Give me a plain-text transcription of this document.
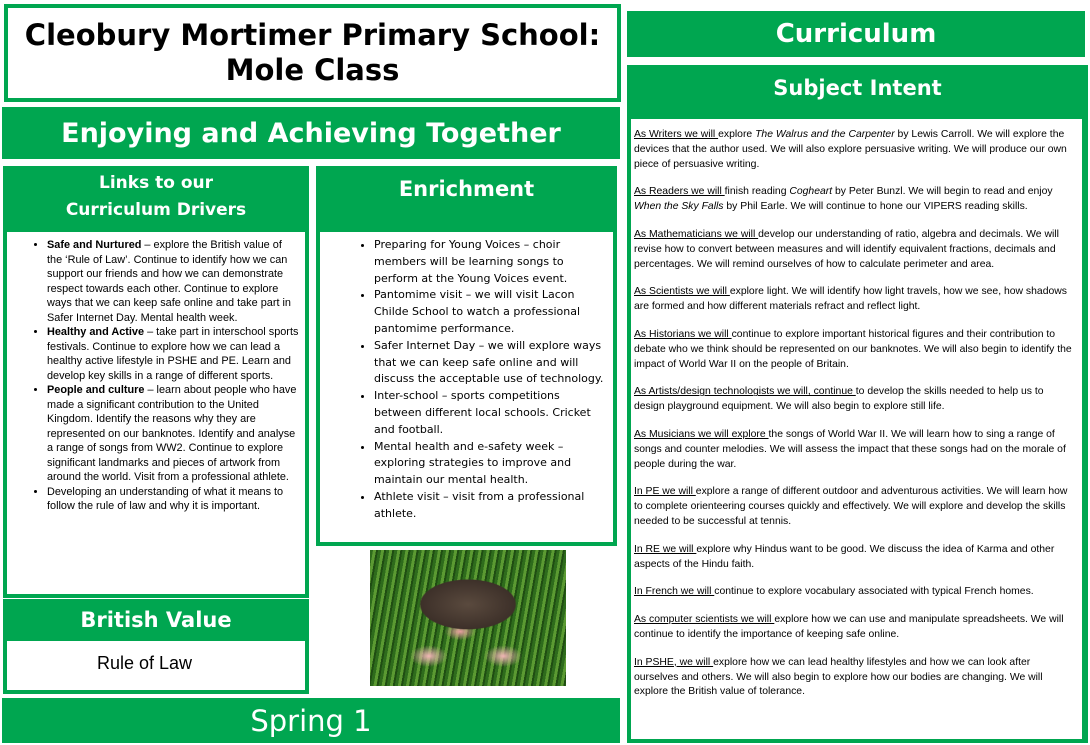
Cleobury Mortimer Primary School:
Mole Class
Enjoying and Achieving Together
Links to our
Curriculum Drivers
• Safe and Nurtured – explore the British value of the ‘Rule of Law’. Continue to identify how we can support our friends and how we can demonstrate respect towards each other. Continue to explore ways that we can keep safe online and take part in Safer Internet Day. Mental health week.
• Healthy and Active – take part in interschool sports festivals. Continue to explore how we can lead a healthy active lifestyle in PSHE and PE. Learn and develop key skills in a range of different sports.
• People and culture – learn about people who have made a significant contribution to the United Kingdom. Identify the reasons why they are represented on our banknotes. Identify and analyse a range of songs from WW2. Continue to explore significant landmarks and pieces of artwork from around the world. Visit from a professional athlete.
• Developing an understanding of what it means to follow the rule of law and why it is important.
British Value
Rule of Law
Enrichment
• Preparing for Young Voices – choir members will be learning songs to perform at the Young Voices event.
• Pantomime visit – we will visit Lacon Childe School to watch a professional pantomime performance.
• Safer Internet Day – we will explore ways that we can keep safe online and will discuss the acceptable use of technology.
• Inter-school – sports competitions between different local schools. Cricket and football.
• Mental health and e-safety week – exploring strategies to improve and maintain our mental health.
• Athlete visit – visit from a professional athlete.
Spring 1
Curriculum
Subject Intent

As Writers we will explore The Walrus and the Carpenter by Lewis Carroll. We will explore the devices that the author used. We will also explore persuasive writing. We will produce our own piece of persuasive writing.

As Readers we will finish reading Cogheart by Peter Bunzl. We will begin to read and enjoy When the Sky Falls by Phil Earle. We will continue to hone our VIPERS reading skills.

As Mathematicians we will develop our understanding of ratio, algebra and decimals. We will revise how to convert between measures and will identify equivalent fractions, decimals and percentages. We will remind ourselves of how to calculate perimeter and area.

As Scientists we will explore light. We will identify how light travels, how we see, how shadows are formed and how different materials refract and reflect light.

As Historians we will continue to explore important historical figures and their contribution to debate who we think should be represented on our banknotes. We will also begin to identify the impact of World War II on the people of Britain.

As Artists/design technologists we will, continue to develop the skills needed to help us to design playground equipment. We will also begin to explore still life.

As Musicians we will explore the songs of World War II. We will learn how to sing a range of songs and counter melodies. We will assess the impact that these songs had on the morale of people during the war.

In PE we will explore a range of different outdoor and adventurous activities. We will learn how to complete orienteering courses quickly and effectively. We will explore and develop the skills needed to be successful at tennis.

In RE we will explore why Hindus want to be good. We discuss the idea of Karma and other aspects of the Hindu faith.

In French we will continue to explore vocabulary associated with typical French homes.

As computer scientists we will explore how we can use and manipulate spreadsheets. We will continue to identify the importance of keeping safe online.

In PSHE, we will explore how we can lead healthy lifestyles and how we can look after ourselves and others. We will also begin to explore how our bodies are changing. We will explore the British value of tolerance.
